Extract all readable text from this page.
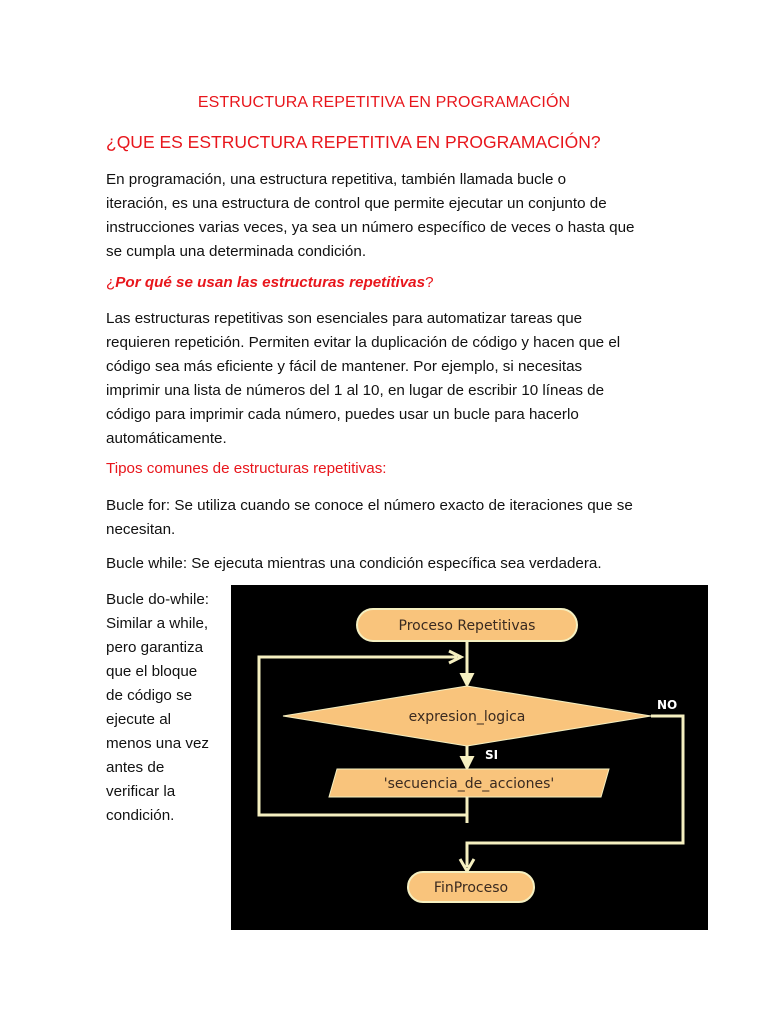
ESTRUCTURA REPETITIVA EN PROGRAMACIÓN
¿QUE ES ESTRUCTURA REPETITIVA EN PROGRAMACIÓN?

En programación, una estructura repetitiva, también llamada bucle o
iteración, es una estructura de control que permite ejecutar un conjunto de
instrucciones varias veces, ya sea un número específico de veces o hasta que
se cumpla una determinada condición.

¿Por qué se usan las estructuras repetitivas?

Las estructuras repetitivas son esenciales para automatizar tareas que
requieren repetición. Permiten evitar la duplicación de código y hacen que el
código sea más eficiente y fácil de mantener. Por ejemplo, si necesitas
imprimir una lista de números del 1 al 10, en lugar de escribir 10 líneas de
código para imprimir cada número, puedes usar un bucle para hacerlo
automáticamente.

Tipos comunes de estructuras repetitivas:

Bucle for: Se utiliza cuando se conoce el número exacto de iteraciones que se
necesitan.

Bucle while: Se ejecuta mientras una condición específica sea verdadera.

Bucle do-while:
Similar a while,
pero garantiza
que el bloque
de código se
ejecute al
menos una vez
antes de
verificar la
condición.

Proceso Repetitivas
expresion_logica
SI
'secuencia_de_acciones'
NO
FinProceso
